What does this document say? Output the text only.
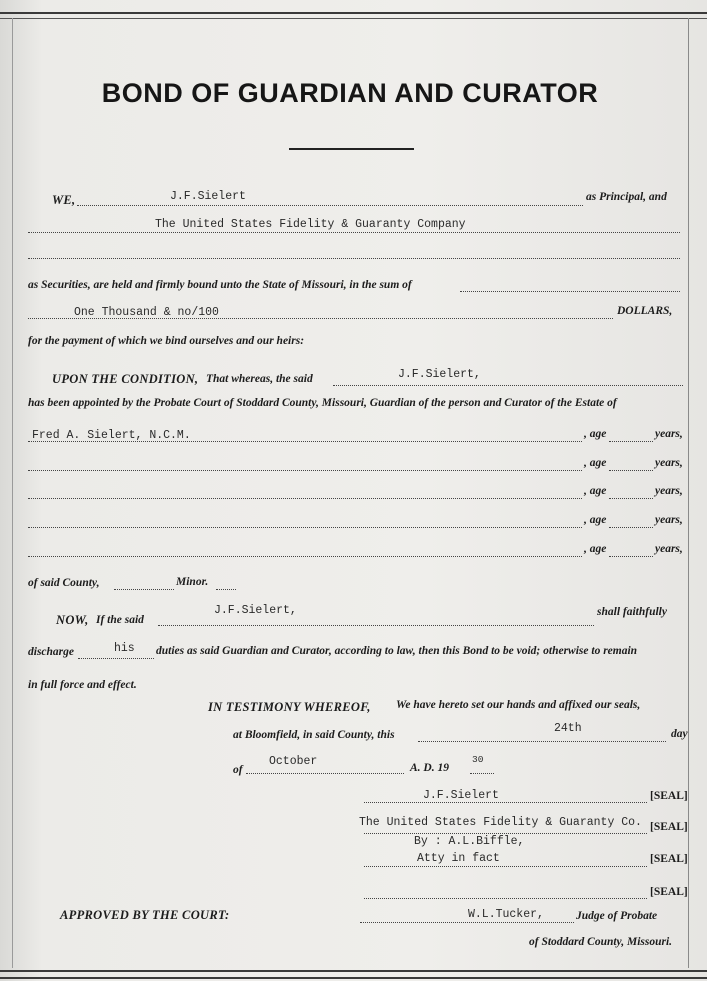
BOND OF GUARDIAN AND CURATOR
WE,	J.F.Sielert	as Principal, and
The United States Fidelity & Guaranty Company
as Securities, are held and firmly bound unto the State of Missouri, in the sum of
One Thousand & no/100	DOLLARS,
for the payment of which we bind ourselves and our heirs:
UPON THE CONDITION, That whereas, the said	J.F.Sielert,
has been appointed by the Probate Court of Stoddard County, Missouri, Guardian of the person and Curator of the Estate of
Fred A. Sielert, N.C.M.	, age	years,
, age	years,
, age	years,
, age	years,
, age	years,
of said County,	Minor.
NOW, If the said
J.F.Sielert,	shall faithfully
discharge	his duties as said Guardian and Curator, according to law, then this Bond to be void; otherwise to remain
in full force and effect.
IN TESTIMONY WHEREOF, We have hereto set our hands and affixed our seals,
at Bloomfield, in said County, this	24th	day
of
October	A. D. 19
30
J.F.Sielert	[SEAL]
The United States Fidelity & Guaranty Co. [SEAL]
By : A.L.Biffle,
Atty in fact	[SEAL]
[SEAL]
APPROVED BY THE COURT:	W.L.Tucker,	Judge of Probate
of Stoddard County, Missouri.
